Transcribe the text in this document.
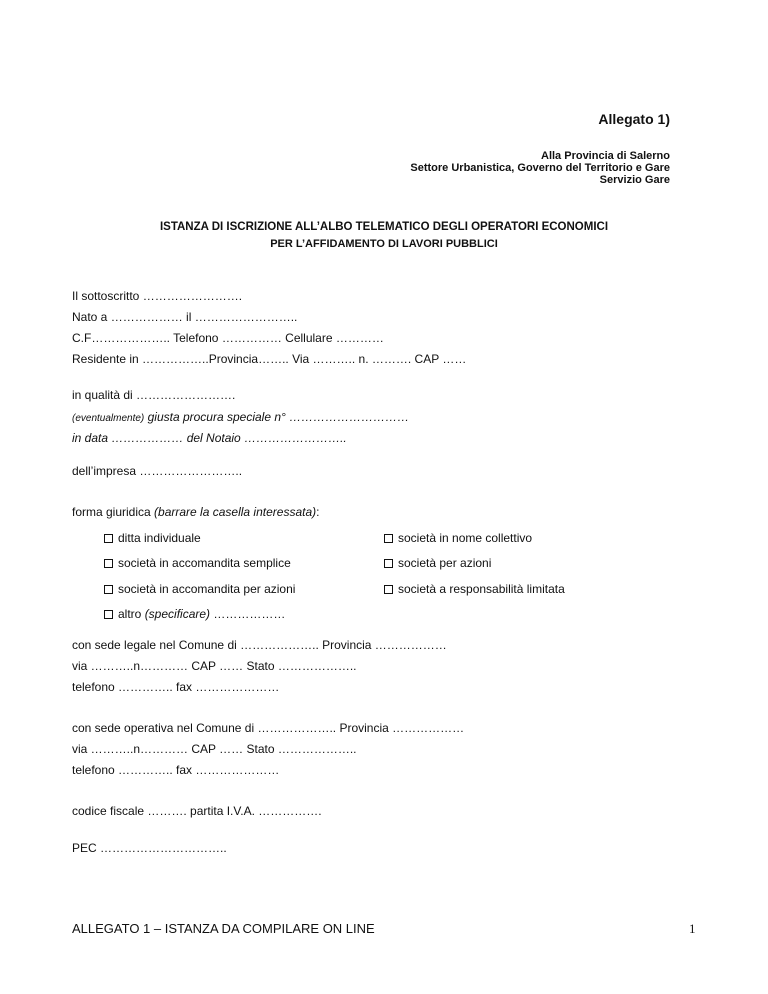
Allegato 1)
Alla Provincia di Salerno
Settore Urbanistica, Governo del Territorio e Gare
Servizio Gare
ISTANZA DI ISCRIZIONE ALL’ALBO TELEMATICO DEGLI OPERATORI ECONOMICI
PER L’AFFIDAMENTO DI LAVORI PUBBLICI
Il sottoscritto …………………….
Nato a ……………… il ……………………..
C.F……………….. Telefono …………… Cellulare …………
Residente in ……………..Provincia…….. Via ……….. n. ………. CAP ……
in qualità di …………………….
(eventualmente) giusta procura speciale n° …………………………
in data ……………… del Notaio ……………………..
dell’impresa ……………………..
forma giuridica (barrare la casella interessata):
ditta individuale	società in nome collettivo
società in accomandita semplice	società per azioni
società in accomandita per azioni	società a responsabilità limitata
altro (specificare) ………………
con sede legale nel Comune di ……………….. Provincia ………………
via ………..n………… CAP …… Stato ………………..
telefono ………….. fax …………………
con sede operativa nel Comune di ……………….. Provincia ………………
via ………..n………… CAP …… Stato ………………..
telefono ………….. fax …………………
codice fiscale ………. partita I.V.A. …………….
PEC …………………………..
ALLEGATO 1 – ISTANZA DA COMPILARE ON LINE	1
